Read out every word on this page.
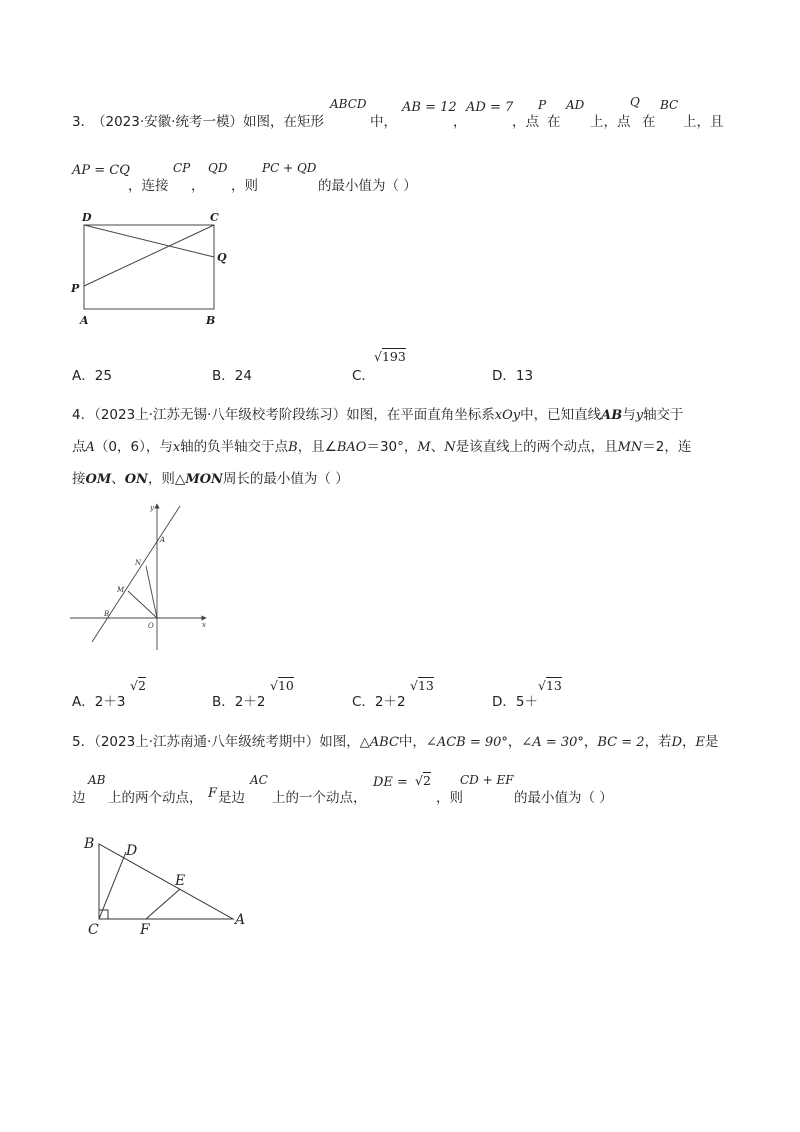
3．
（2023·安徽·统考一模）如图，在矩形
ABCD
中，
AB = 12
，
AD = 7
，点
P
在
AD
上，点
Q
在
BC
上，且
AP = CQ
，连接
CP
，
QD
，则
PC + QD
的最小值为（ ）
D	C
Q
P
A	B
A．25	B．24	C．
√193
D．13
4．（2023上·江苏无锡·八年级校考阶段练习）如图，在平面直角坐标系xOy中，已知直线AB与y轴交于
点A（0，6），与x轴的负半轴交于点B，且∠BAO＝30°，M、N是该直线上的两个动点，且MN＝2，连
接OM、ON，则△MON周长的最小值为（ ）
y
x
A
N
M
B
O
A．2＋3
√2
B．2＋2
√10
C．2＋2
√13
D．5＋
√13
5．（2023上·江苏南通·八年级统考期中）如图，△ABC中，∠ACB = 90°，∠A = 30°，BC = 2，若D，E是
边
AB
上的两个动点， F 是边
AC
上的一个动点，
DE = √2
，则
CD + EF
的最小值为（ ）
B D
E
C	F
A
